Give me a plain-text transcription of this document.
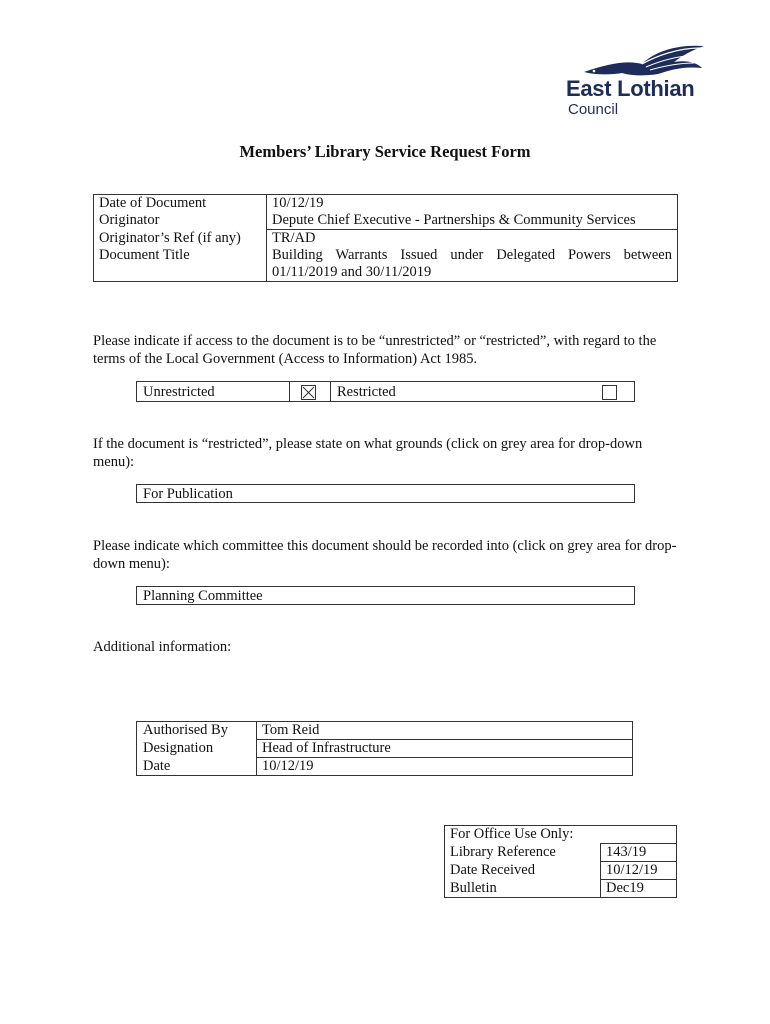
East Lothian
Council
Members’ Library Service Request Form
Date of Document	10/12/19
Originator	Depute Chief Executive - Partnerships & Community Services
Originator’s Ref (if any)	TR/AD
Document Title	Building Warrants Issued under Delegated Powers between 01/11/2019 and 30/11/2019
Please indicate if access to the document is to be “unrestricted” or “restricted”, with regard to the terms of the Local Government (Access to Information) Act 1985.
Unrestricted	Restricted
If the document is “restricted”, please state on what grounds (click on grey area for drop-down menu):
For Publication
Please indicate which committee this document should be recorded into (click on grey area for drop-down menu):
Planning Committee
Additional information:
Authorised By	Tom Reid
Designation	Head of Infrastructure
Date	10/12/19
For Office Use Only:	
Library Reference	143/19
Date Received	10/12/19
Bulletin	Dec19
